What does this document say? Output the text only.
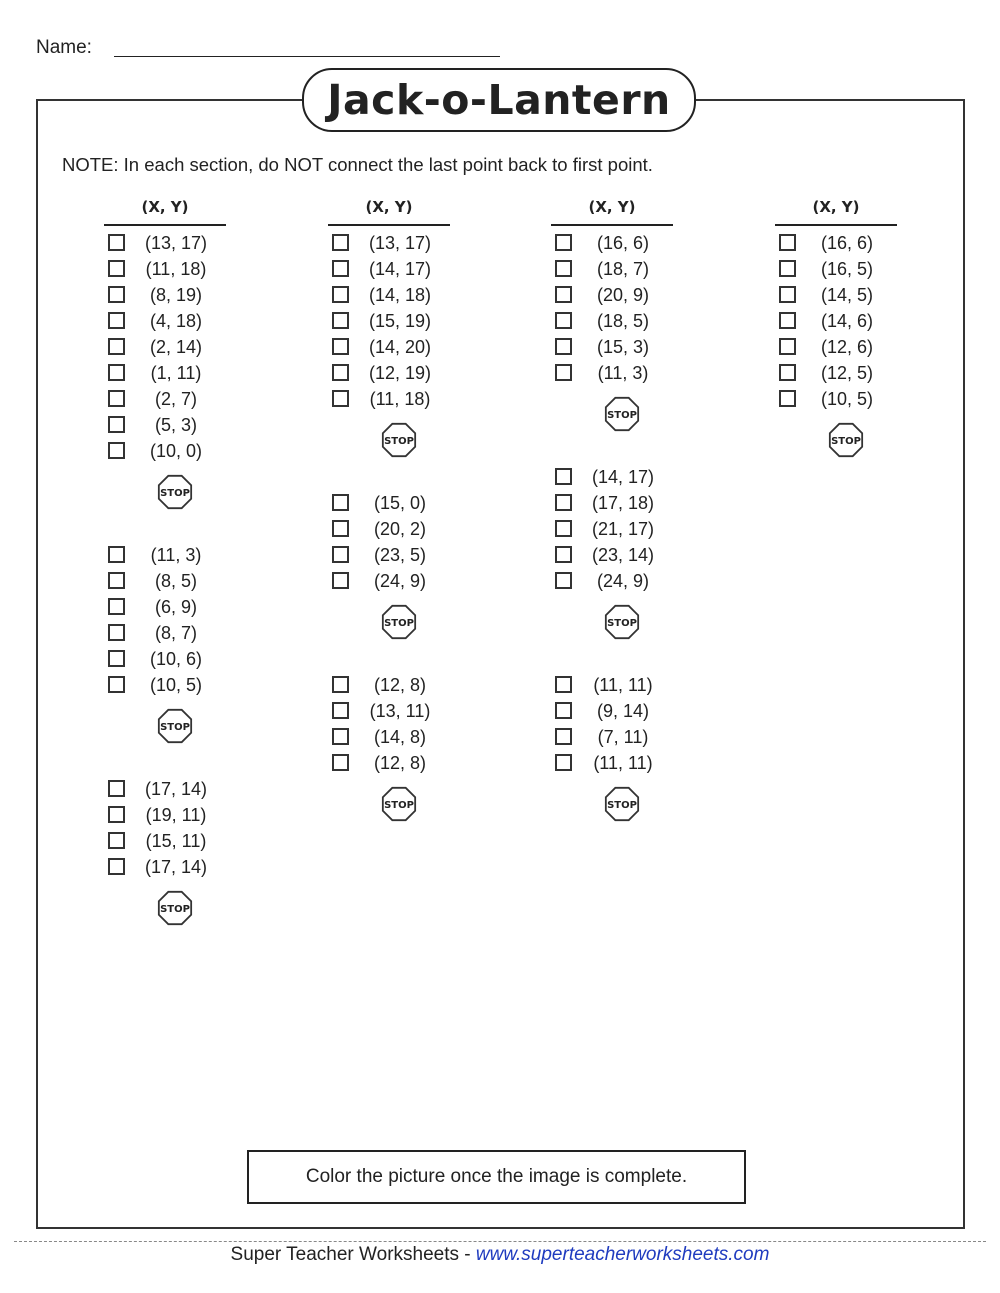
Name:
Jack-o-Lantern
NOTE: In each section, do NOT connect the last point back to first point.
(X, Y)
(13, 17)
(11, 18)
(8, 19)
(4, 18)
(2, 14)
(1, 11)
(2, 7)
(5, 3)
(10, 0)
STOP
(11, 3)
(8, 5)
(6, 9)
(8, 7)
(10, 6)
(10, 5)
STOP
(17, 14)
(19, 11)
(15, 11)
(17, 14)
STOP
(X, Y)
(13, 17)
(14, 17)
(14, 18)
(15, 19)
(14, 20)
(12, 19)
(11, 18)
STOP
(15, 0)
(20, 2)
(23, 5)
(24, 9)
STOP
(12, 8)
(13, 11)
(14, 8)
(12, 8)
STOP
(X, Y)
(16, 6)
(18, 7)
(20, 9)
(18, 5)
(15, 3)
(11, 3)
STOP
(14, 17)
(17, 18)
(21, 17)
(23, 14)
(24, 9)
STOP
(11, 11)
(9, 14)
(7, 11)
(11, 11)
STOP
(X, Y)
(16, 6)
(16, 5)
(14, 5)
(14, 6)
(12, 6)
(12, 5)
(10, 5)
STOP
Color the picture once the image is complete.
Super Teacher Worksheets - www.superteacherworksheets.com
